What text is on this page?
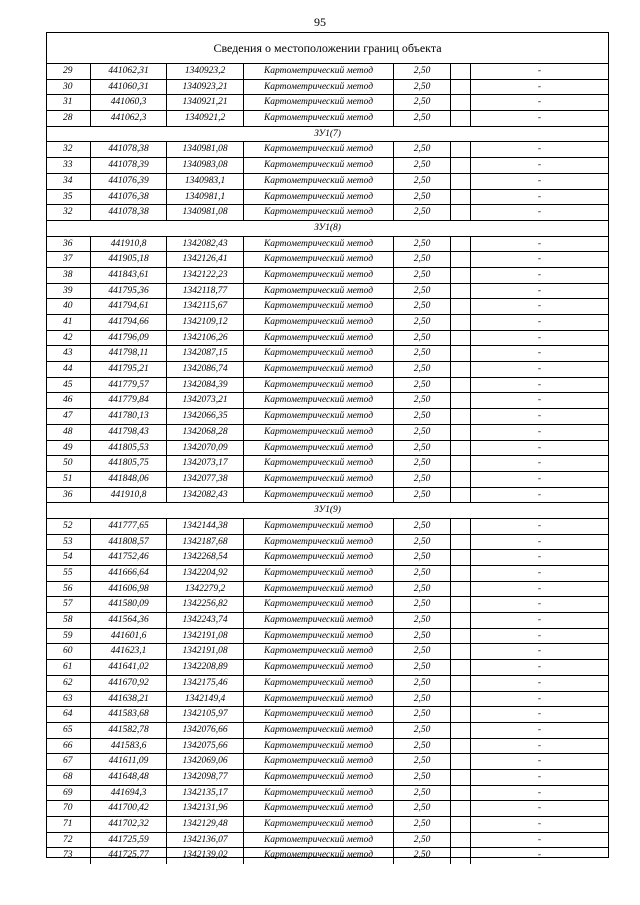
95
Сведения о местоположении границ объекта
29	441062,31	1340923,2	Картометрический метод	2,50	-
30	441060,31	1340923,21	Картометрический метод	2,50	-
31	441060,3	1340921,21	Картометрический метод	2,50	-
28	441062,3	1340921,2	Картометрический метод	2,50	-
ЗУ1(7)
32	441078,38	1340981,08	Картометрический метод	2,50	-
33	441078,39	1340983,08	Картометрический метод	2,50	-
34	441076,39	1340983,1	Картометрический метод	2,50	-
35	441076,38	1340981,1	Картометрический метод	2,50	-
32	441078,38	1340981,08	Картометрический метод	2,50	-
ЗУ1(8)
36	441910,8	1342082,43	Картометрический метод	2,50	-
37	441905,18	1342126,41	Картометрический метод	2,50	-
38	441843,61	1342122,23	Картометрический метод	2,50	-
39	441795,36	1342118,77	Картометрический метод	2,50	-
40	441794,61	1342115,67	Картометрический метод	2,50	-
41	441794,66	1342109,12	Картометрический метод	2,50	-
42	441796,09	1342106,26	Картометрический метод	2,50	-
43	441798,11	1342087,15	Картометрический метод	2,50	-
44	441795,21	1342086,74	Картометрический метод	2,50	-
45	441779,57	1342084,39	Картометрический метод	2,50	-
46	441779,84	1342073,21	Картометрический метод	2,50	-
47	441780,13	1342066,35	Картометрический метод	2,50	-
48	441798,43	1342068,28	Картометрический метод	2,50	-
49	441805,53	1342070,09	Картометрический метод	2,50	-
50	441805,75	1342073,17	Картометрический метод	2,50	-
51	441848,06	1342077,38	Картометрический метод	2,50	-
36	441910,8	1342082,43	Картометрический метод	2,50	-
ЗУ1(9)
52	441777,65	1342144,38	Картометрический метод	2,50	-
53	441808,57	1342187,68	Картометрический метод	2,50	-
54	441752,46	1342268,54	Картометрический метод	2,50	-
55	441666,64	1342204,92	Картометрический метод	2,50	-
56	441606,98	1342279,2	Картометрический метод	2,50	-
57	441580,09	1342256,82	Картометрический метод	2,50	-
58	441564,36	1342243,74	Картометрический метод	2,50	-
59	441601,6	1342191,08	Картометрический метод	2,50	-
60	441623,1	1342191,08	Картометрический метод	2,50	-
61	441641,02	1342208,89	Картометрический метод	2,50	-
62	441670,92	1342175,46	Картометрический метод	2,50	-
63	441638,21	1342149,4	Картометрический метод	2,50	-
64	441583,68	1342105,97	Картометрический метод	2,50	-
65	441582,78	1342076,66	Картометрический метод	2,50	-
66	441583,6	1342075,66	Картометрический метод	2,50	-
67	441611,09	1342069,06	Картометрический метод	2,50	-
68	441648,48	1342098,77	Картометрический метод	2,50	-
69	441694,3	1342135,17	Картометрический метод	2,50	-
70	441700,42	1342131,96	Картометрический метод	2,50	-
71	441702,32	1342129,48	Картометрический метод	2,50	-
72	441725,59	1342136,07	Картометрический метод	2,50	-
73	441725,77	1342139,02	Картометрический метод	2,50	-
